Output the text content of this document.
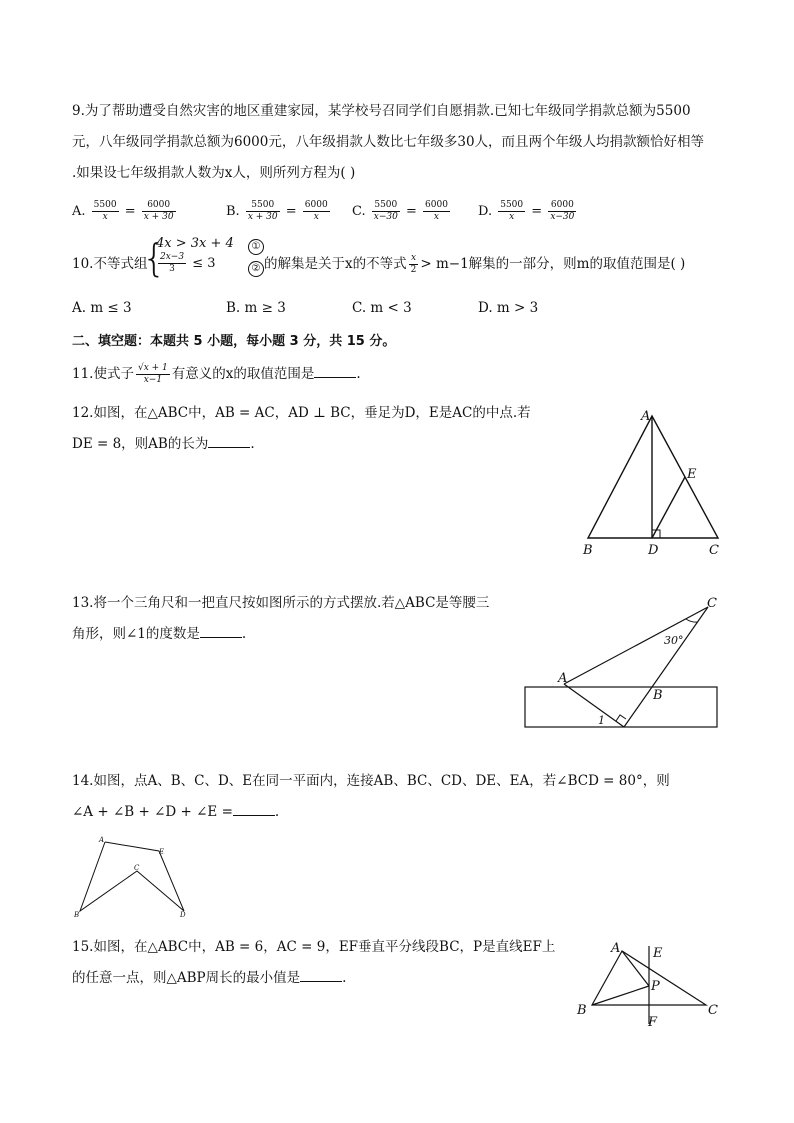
9.为了帮助遭受自然灾害的地区重建家园，某学校号召同学们自愿捐款.已知七年级同学捐款总额为5500
元，八年级同学捐款总额为6000元，八年级捐款人数比七年级多30人，而且两个年级人均捐款额恰好相等
.如果设七年级捐款人数为x人，则所列方程为( )
A. $\frac{5500}{x} = \frac{6000}{x + 30}$	B. $\frac{5500}{x + 30} = \frac{6000}{x} C$. $\frac{5500}{x-30} = \frac{6000}{x} D$. $\frac{5500}{x} = \frac{6000}{x-30}$
10.不等式组
{
4x > 3x + 4
$\frac{2x-3}{3} \le 3$
①
② 的解集是关于x的不等式 $\frac{x}{2} > m-1$解集的一部分，则m的取值范围是( )
A. m ≤ 3	B. m ≥ 3	C. m < 3	D. m > 3
二、填空题：本题共 5 小题，每小题 3 分，共 15 分。
11.使式子 $\frac{√x + 1}{x-1}$ 有意义的x的取值范围是	.
12.如图，在△ABC中，AB = AC，AD ⊥ BC，垂足为D，E是AC的中点.若
DE = 8，则AB的长为	.
A
B	D	C
E
13.将一个三角尺和一把直尺按如图所示的方式摆放.若△ABC是等腰三
角形，则∠1的度数是	.
A
B
C
30°
1
14.如图，点A、B、C、D、E在同一平面内，连接AB、BC、CD、DE、EA，若∠BCD = 80°，则
∠A + ∠B + ∠D + ∠E =	.
A
B
C
D
E
15.如图，在△ABC中，AB = 6，AC = 9，EF垂直平分线段BC，P是直线EF上
的任意一点，则△ABP周长的最小值是	.
A
B	C
E
F
P
